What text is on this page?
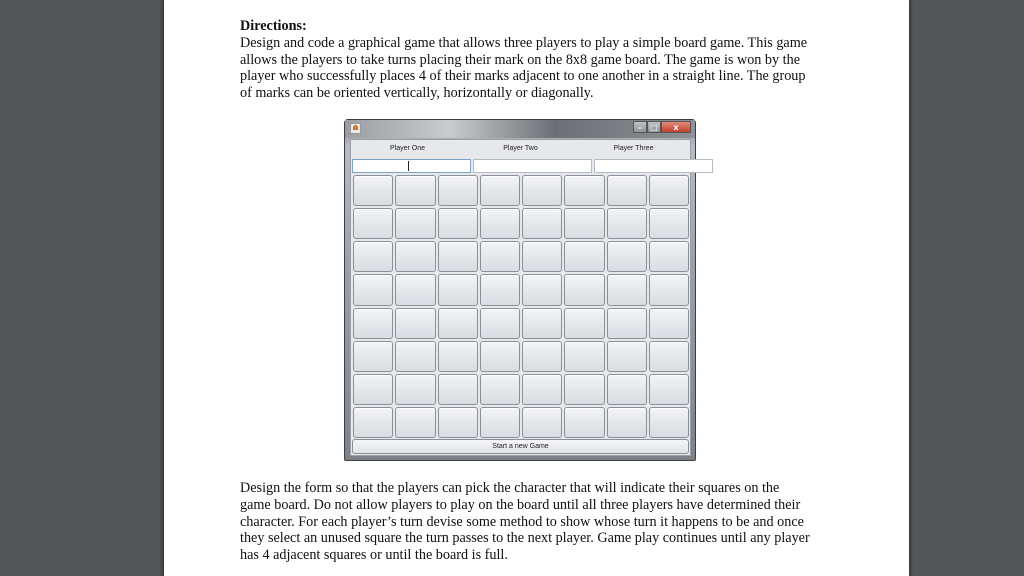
Directions:
Design and code a graphical game that allows three players to play a simple board game. This game allows the players to take turns placing their mark on the 8x8 game board. The game is won by the player who successfully places 4 of their marks adjacent to one another in a straight line. The group of marks can be oriented vertically, horizontally or diagonally.
Design the form so that the players can pick the character that will indicate their squares on the game board. Do not allow players to play on the board until all three players have determined their character. For each player’s turn devise some method to show whose turn it happens to be and once they select an unused square the turn passes to the next player. Game play continues until any player has 4 adjacent squares or until the board is full.
–	□	x
Player One	Player Two	Player Three
Start a new Game
